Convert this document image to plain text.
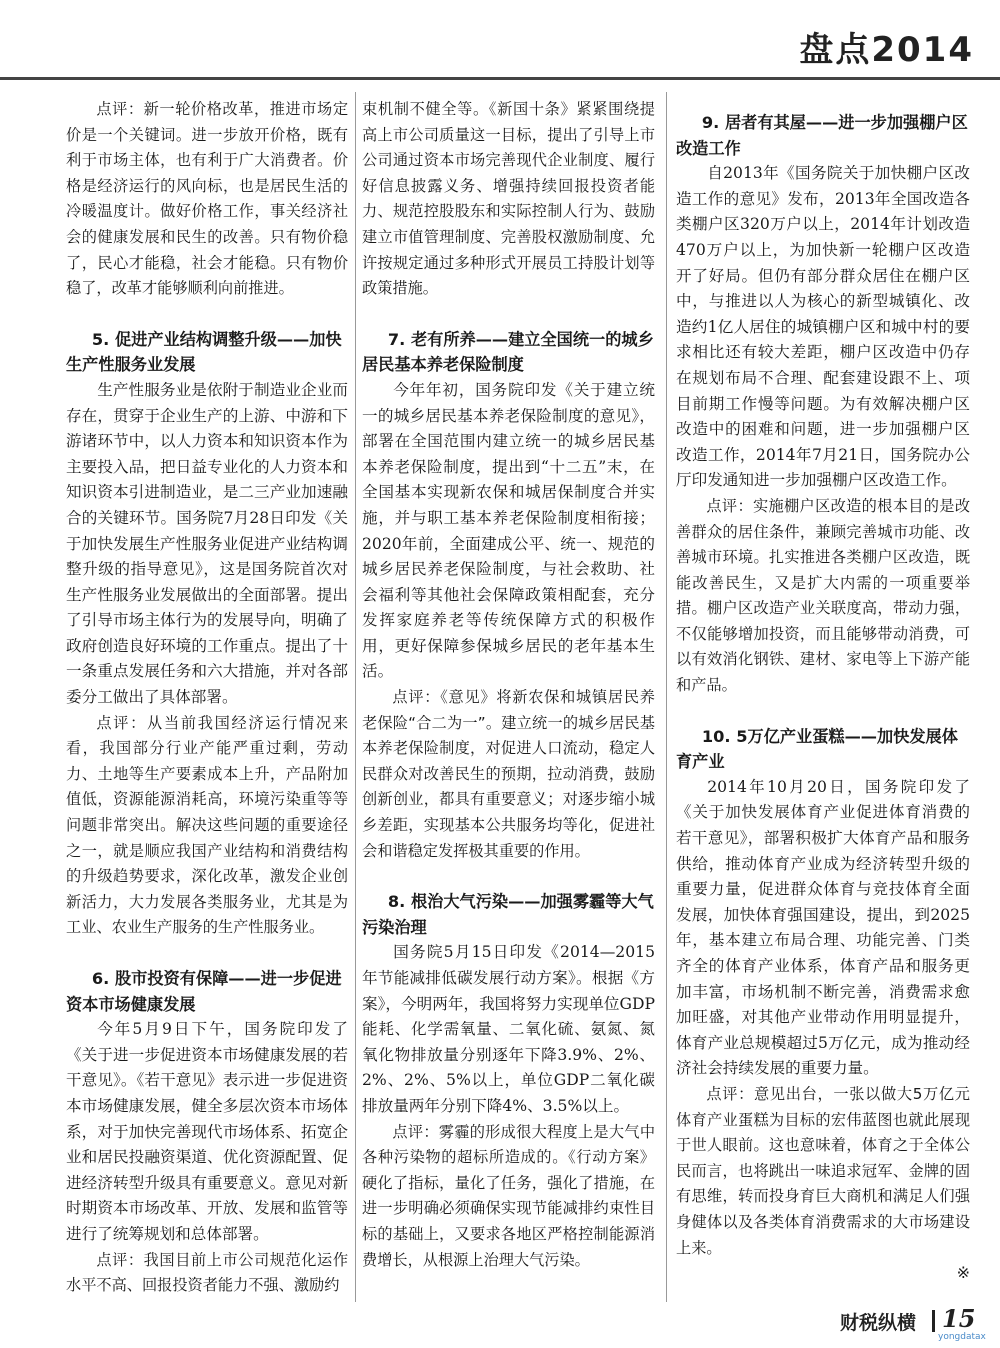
盘点2014

点评：新一轮价格改革，推进市场定价是一个关键词。进一步放开价格，既有利于市场主体，也有利于广大消费者。价格是经济运行的风向标，也是居民生活的冷暖温度计。做好价格工作，事关经济社会的健康发展和民生的改善。只有物价稳了，民心才能稳，社会才能稳。只有物价稳了，改革才能够顺利向前推进。

5. 促进产业结构调整升级——加快生产性服务业发展

生产性服务业是依附于制造业企业而存在，贯穿于企业生产的上游、中游和下游诸环节中，以人力资本和知识资本作为主要投入品，把日益专业化的人力资本和知识资本引进制造业，是二三产业加速融合的关键环节。国务院7月28日印发《关于加快发展生产性服务业促进产业结构调整升级的指导意见》，这是国务院首次对生产性服务业发展做出的全面部署。提出了引导市场主体行为的发展导向，明确了政府创造良好环境的工作重点。提出了十一条重点发展任务和六大措施，并对各部委分工做出了具体部署。

点评：从当前我国经济运行情况来看，我国部分行业产能严重过剩，劳动力、土地等生产要素成本上升，产品附加值低，资源能源消耗高，环境污染重等等问题非常突出。解决这些问题的重要途径之一，就是顺应我国产业结构和消费结构的升级趋势要求，深化改革，激发企业创新活力，大力发展各类服务业，尤其是为工业、农业生产服务的生产性服务业。

6. 股市投资有保障——进一步促进资本市场健康发展

今年5月9日下午，国务院印发了《关于进一步促进资本市场健康发展的若干意见》。《若干意见》表示进一步促进资本市场健康发展，健全多层次资本市场体系，对于加快完善现代市场体系、拓宽企业和居民投融资渠道、优化资源配置、促进经济转型升级具有重要意义。意见对新时期资本市场改革、开放、发展和监管等进行了统筹规划和总体部署。

点评：我国目前上市公司规范化运作水平不高、回报投资者能力不强、激励约

束机制不健全等。《新国十条》紧紧围绕提高上市公司质量这一目标，提出了引导上市公司通过资本市场完善现代企业制度、履行好信息披露义务、增强持续回报投资者能力、规范控股股东和实际控制人行为、鼓励建立市值管理制度、完善股权激励制度、允许按规定通过多种形式开展员工持股计划等政策措施。

7. 老有所养——建立全国统一的城乡居民基本养老保险制度

今年年初，国务院印发《关于建立统一的城乡居民基本养老保险制度的意见》，部署在全国范围内建立统一的城乡居民基本养老保险制度，提出到“十二五”末，在全国基本实现新农保和城居保制度合并实施，并与职工基本养老保险制度相衔接；2020年前，全面建成公平、统一、规范的城乡居民养老保险制度，与社会救助、社会福利等其他社会保障政策相配套，充分发挥家庭养老等传统保障方式的积极作用，更好保障参保城乡居民的老年基本生活。

点评：《意见》将新农保和城镇居民养老保险“合二为一”。建立统一的城乡居民基本养老保险制度，对促进人口流动，稳定人民群众对改善民生的预期，拉动消费，鼓励创新创业，都具有重要意义；对逐步缩小城乡差距，实现基本公共服务均等化，促进社会和谐稳定发挥极其重要的作用。

8. 根治大气污染——加强雾霾等大气污染治理

国务院5月15日印发《2014—2015年节能减排低碳发展行动方案》。根据《方案》，今明两年，我国将努力实现单位GDP能耗、化学需氧量、二氧化硫、氨氮、氮氧化物排放量分别逐年下降3.9%、2%、2%、2%、5%以上，单位GDP二氧化碳排放量两年分别下降4%、3.5%以上。

点评：雾霾的形成很大程度上是大气中各种污染物的超标所造成的。《行动方案》硬化了指标，量化了任务，强化了措施，在进一步明确必须确保实现节能减排约束性目标的基础上，又要求各地区严格控制能源消费增长，从根源上治理大气污染。

9. 居者有其屋——进一步加强棚户区改造工作

自2013年《国务院关于加快棚户区改造工作的意见》发布，2013年全国改造各类棚户区320万户以上，2014年计划改造470万户以上，为加快新一轮棚户区改造开了好局。但仍有部分群众居住在棚户区中，与推进以人为核心的新型城镇化、改造约1亿人居住的城镇棚户区和城中村的要求相比还有较大差距，棚户区改造中仍存在规划布局不合理、配套建设跟不上、项目前期工作慢等问题。为有效解决棚户区改造中的困难和问题，进一步加强棚户区改造工作，2014年7月21日，国务院办公厅印发通知进一步加强棚户区改造工作。

点评：实施棚户区改造的根本目的是改善群众的居住条件，兼顾完善城市功能、改善城市环境。扎实推进各类棚户区改造，既能改善民生，又是扩大内需的一项重要举措。棚户区改造产业关联度高，带动力强，不仅能够增加投资，而且能够带动消费，可以有效消化钢铁、建材、家电等上下游产能和产品。

10. 5万亿产业蛋糕——加快发展体育产业

2014年10月20日，国务院印发了《关于加快发展体育产业促进体育消费的若干意见》，部署积极扩大体育产品和服务供给，推动体育产业成为经济转型升级的重要力量，促进群众体育与竞技体育全面发展，加快体育强国建设，提出，到2025年，基本建立布局合理、功能完善、门类齐全的体育产业体系，体育产品和服务更加丰富，市场机制不断完善，消费需求愈加旺盛，对其他产业带动作用明显提升，体育产业总规模超过5万亿元，成为推动经济社会持续发展的重要力量。

点评：意见出台，一张以做大5万亿元体育产业蛋糕为目标的宏伟蓝图也就此展现于世人眼前。这也意味着，体育之于全体公民而言，也将跳出一味追求冠军、金牌的固有思维，转而投身育巨大商机和满足人们强身健体以及各类体育消费需求的大市场建设上来。

※
财税纵横 15
yongdatax
